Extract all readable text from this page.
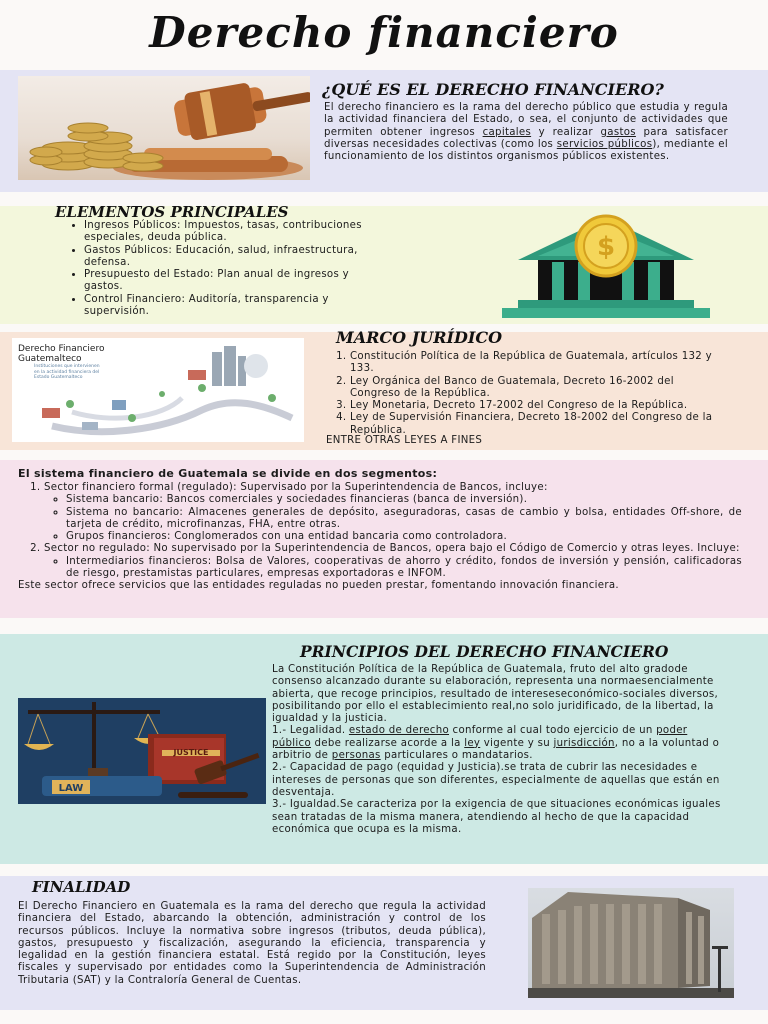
Derecho financiero
¿QUÉ ES EL DERECHO FINANCIERO?
El derecho financiero es la rama del derecho público que estudia y regula la actividad financiera del Estado, o sea, el conjunto de actividades que permiten obtener ingresos capitales y realizar gastos para satisfacer diversas necesidades colectivas (como los servicios públicos), mediante el funcionamiento de los distintos organismos públicos existentes.
ELEMENTOS PRINCIPALES
• Ingresos Públicos: Impuestos, tasas, contribuciones especiales, deuda pública.
• Gastos Públicos: Educación, salud, infraestructura, defensa.
• Presupuesto del Estado: Plan anual de ingresos y gastos.
• Control Financiero: Auditoría, transparencia y supervisión.
$
Derecho Financiero Guatemalteco
Instituciones que intervienen en la actividad financiera del Estado Guatemalteco
MARCO JURÍDICO
1. Constitución Política de la República de Guatemala, artículos 132 y 133.
2. Ley Orgánica del Banco de Guatemala, Decreto 16-2002 del Congreso de la República.
3. Ley Monetaria, Decreto 17-2002 del Congreso de la República.
4. Ley de Supervisión Financiera, Decreto 18-2002 del Congreso de la República.
ENTRE OTRAS LEYES A FINES
El sistema financiero de Guatemala se divide en dos segmentos:
1. Sector financiero formal (regulado): Supervisado por la Superintendencia de Bancos, incluye:
◦ Sistema bancario: Bancos comerciales y sociedades financieras (banca de inversión).
◦ Sistema no bancario: Almacenes generales de depósito, aseguradoras, casas de cambio y bolsa, entidades Off-shore, de tarjeta de crédito, microfinanzas, FHA, entre otras.
◦ Grupos financieros: Conglomerados con una entidad bancaria como controladora.
2. Sector no regulado: No supervisado por la Superintendencia de Bancos, opera bajo el Código de Comercio y otras leyes. Incluye:
◦ Intermediarios financieros: Bolsa de Valores, cooperativas de ahorro y crédito, fondos de inversión y pensión, calificadoras de riesgo, prestamistas particulares, empresas exportadoras e INFOM.
Este sector ofrece servicios que las entidades reguladas no pueden prestar, fomentando innovación financiera.
PRINCIPIOS DEL DERECHO FINANCIERO
JUSTICE
LAW
La Constitución Política de la República de Guatemala, fruto del alto gradode consenso alcanzado durante su elaboración, representa una normaesencialmente abierta, que recoge principios, resultado de interesesеconómico-sociales diversos, posibilitando por ello el establecimiento real,no solo juridificado, de la libertad, la igualdad y la justicia.
1.- Legalidad. estado de derecho conforme al cual todo ejercicio de un poder público debe realizarse acorde a la ley vigente y su jurisdicción, no a la voluntad o arbitrio de personas particulares o mandatarios.
2.- Capacidad de pago (equidad y Justicia).se trata de cubrir las necesidades e intereses de personas que son diferentes, especialmente de aquellas que están en desventaja.
3.- Igualdad.Se caracteriza por la exigencia de que situaciones económicas iguales sean tratadas de la misma manera, atendiendo al hecho de que la capacidad económica que ocupa es la misma.
FINALIDAD
El Derecho Financiero en Guatemala es la rama del derecho que regula la actividad financiera del Estado, abarcando la obtención, administración y control de los recursos públicos. Incluye la normativa sobre ingresos (tributos, deuda pública), gastos, presupuesto y fiscalización, asegurando la eficiencia, transparencia y legalidad en la gestión financiera estatal. Está regido por la Constitución, leyes fiscales y supervisado por entidades como la Superintendencia de Administración Tributaria (SAT) y la Contraloría General de Cuentas.
